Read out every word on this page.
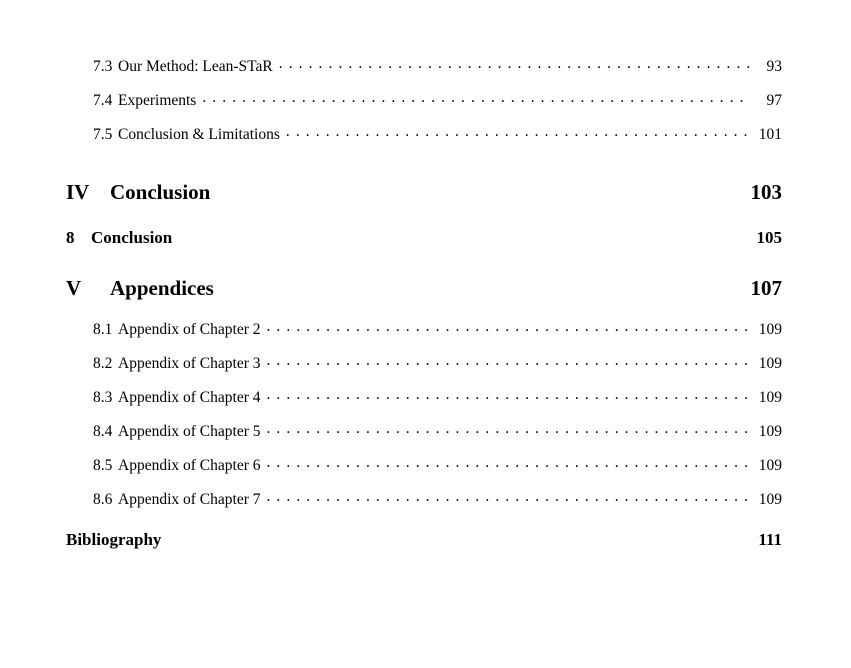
7.3 Our Method: Lean-STaR . . .	93
7.4 Experiments . . .	97
7.5 Conclusion & Limitations . . .	101
IV Conclusion	103
8 Conclusion	105
V	Appendices	107
8.1 Appendix of Chapter 2 . . .	109
8.2 Appendix of Chapter 3 . . .	109
8.3 Appendix of Chapter 4 . . .	109
8.4 Appendix of Chapter 5 . . .	109
8.5 Appendix of Chapter 6 . . .	109
8.6 Appendix of Chapter 7 . . .	109
Bibliography	111
